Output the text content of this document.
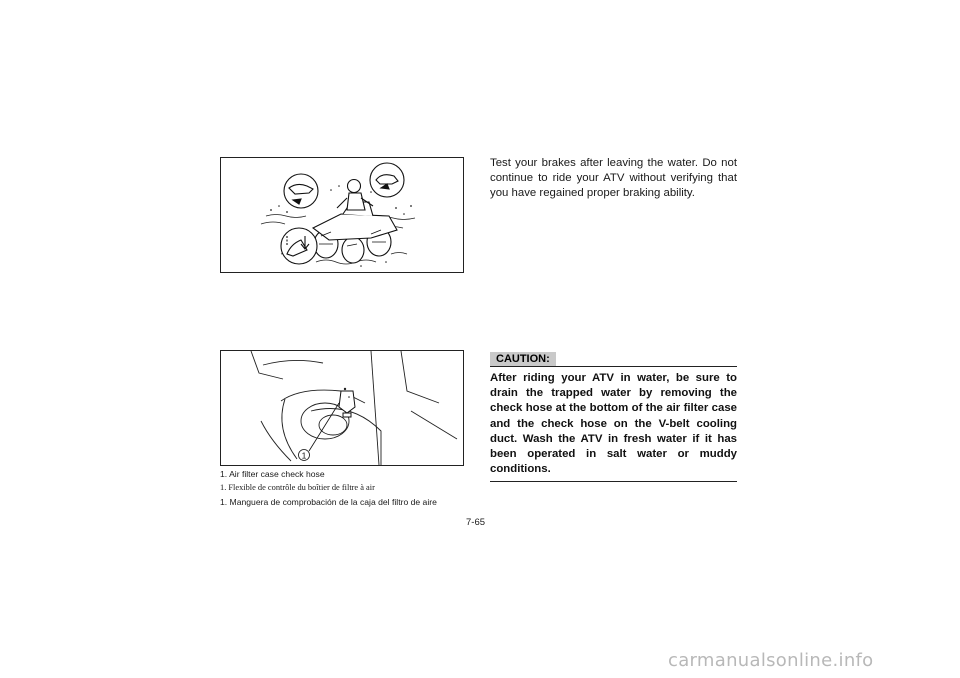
1
1. Air filter case check hose
1. Flexible de contrôle du boîtier de filtre à air
1. Manguera de comprobación de la caja del filtro de aire

Test your brakes after leaving the water. Do not continue to ride your ATV without verifying that you have regained proper braking ability.

CAUTION:

After riding your ATV in water, be sure to drain the trapped water by removing the check hose at the bottom of the air filter case and the check hose on the V-belt cooling duct. Wash the ATV in fresh water if it has been operated in salt water or muddy conditions.

7-65
carmanualsonline.info
